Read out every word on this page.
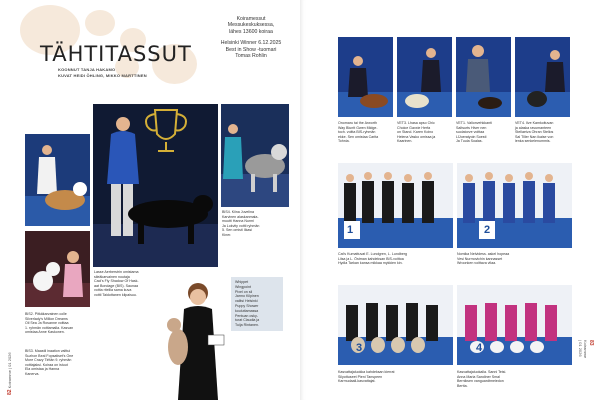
TÄHTITASSUT
KOONNUT TANJA HAKAMO
KUVAT HEIDI ÖHLING, MIKKO MARTTINEN
Koiramessut
Messukeskuksessa,
lähes 13600 koiraa
Helsinki Winner 6.12.2025
Best in Show -tuomari
Tomas Rohlin
BIS4. Kiina Juvelina
Karvinen alaskanmala-
muutti Hanna Nurmi
Ja Lokvity voitti ryhmän
5. Sen omisti Ilkasi
Kiner.
Lasse Aerberstrin omistama
sileäkarvainen noutaja
Cacl's Fly Shadow Of Hask-
aat Bondage (BIS). Saunaa
voitta ritellia sama kuva
voitti Taidottanen kilpaisuu.
BIS2. Pitkäkarvainen colle
Silverlady's Million Dreams
Oil Sea Ja Rosanne voittaa
1. ryhmän voittamalla. Kasvan
omistaa Anne Kaskonen.
BIS3. Maastil inaation valttui
Suzhon Beal Fopsatiset's One
More Crazy Tiritän 9. ryhmän
voittajaksi. Koiraa on istuut
Ela omistaa ja Hanna
Kanerva.
Whippet
Wingpoint
Pixel on sil
Jarmo Kilpinen
valitsi Helsinki
Puppy Shower
kouluttamassa
Pentuan osky-
turat Claudia ja
Tuija Rintanen.
82 Koiramme | 01 2026
Onomaru tai the Arworth
Way Bluntt Gwen Midge-
toch. voitta BIS-ryhmän
ekke. Sen omistaa Carita
Tohnia.
VET3. Lhasa apso Chic
Choice Gaxxie Herfa
on Stand. Karen Koino
Helena Vasko omissa ja
Kaarinen.
VET1. Valionvehkkanti
Saltsurts Hiver nen
suolatorve voittaa
LÜoeratyoin Soesti
Ja Tuula Soalas.
VET4. Ilve Kamkoituvan
ja alaska ravumanteen
Stellaeiva Ohran Stellos
Sal Tiller Nan ikaise von
lenka senkelenummis.
1	2
Cat's Kumattuvat E. Lundgren, L. Lundberg
Liisa ja L. Östman kahdeksan BIS-voittoa
Hydla Tarkan kansa mikkaa mykkien kin.
Nomika Nelvidess. askel hopeaa
Vesi Nurmovichin kannasset
Wroonken voittava vilaa.
3	4
Kasvattajaluokka kahdeksan kierrat
Silyottuseet Pieni Tanspeen
Karmudaali-kasvattajat.
Kasvattajaluokalla. Sanni Teisi.
Anna Maria Sandiner Smal
Berniksen vanguardtmeiedon
Bertta.
83 Koiramme | 01 2026
